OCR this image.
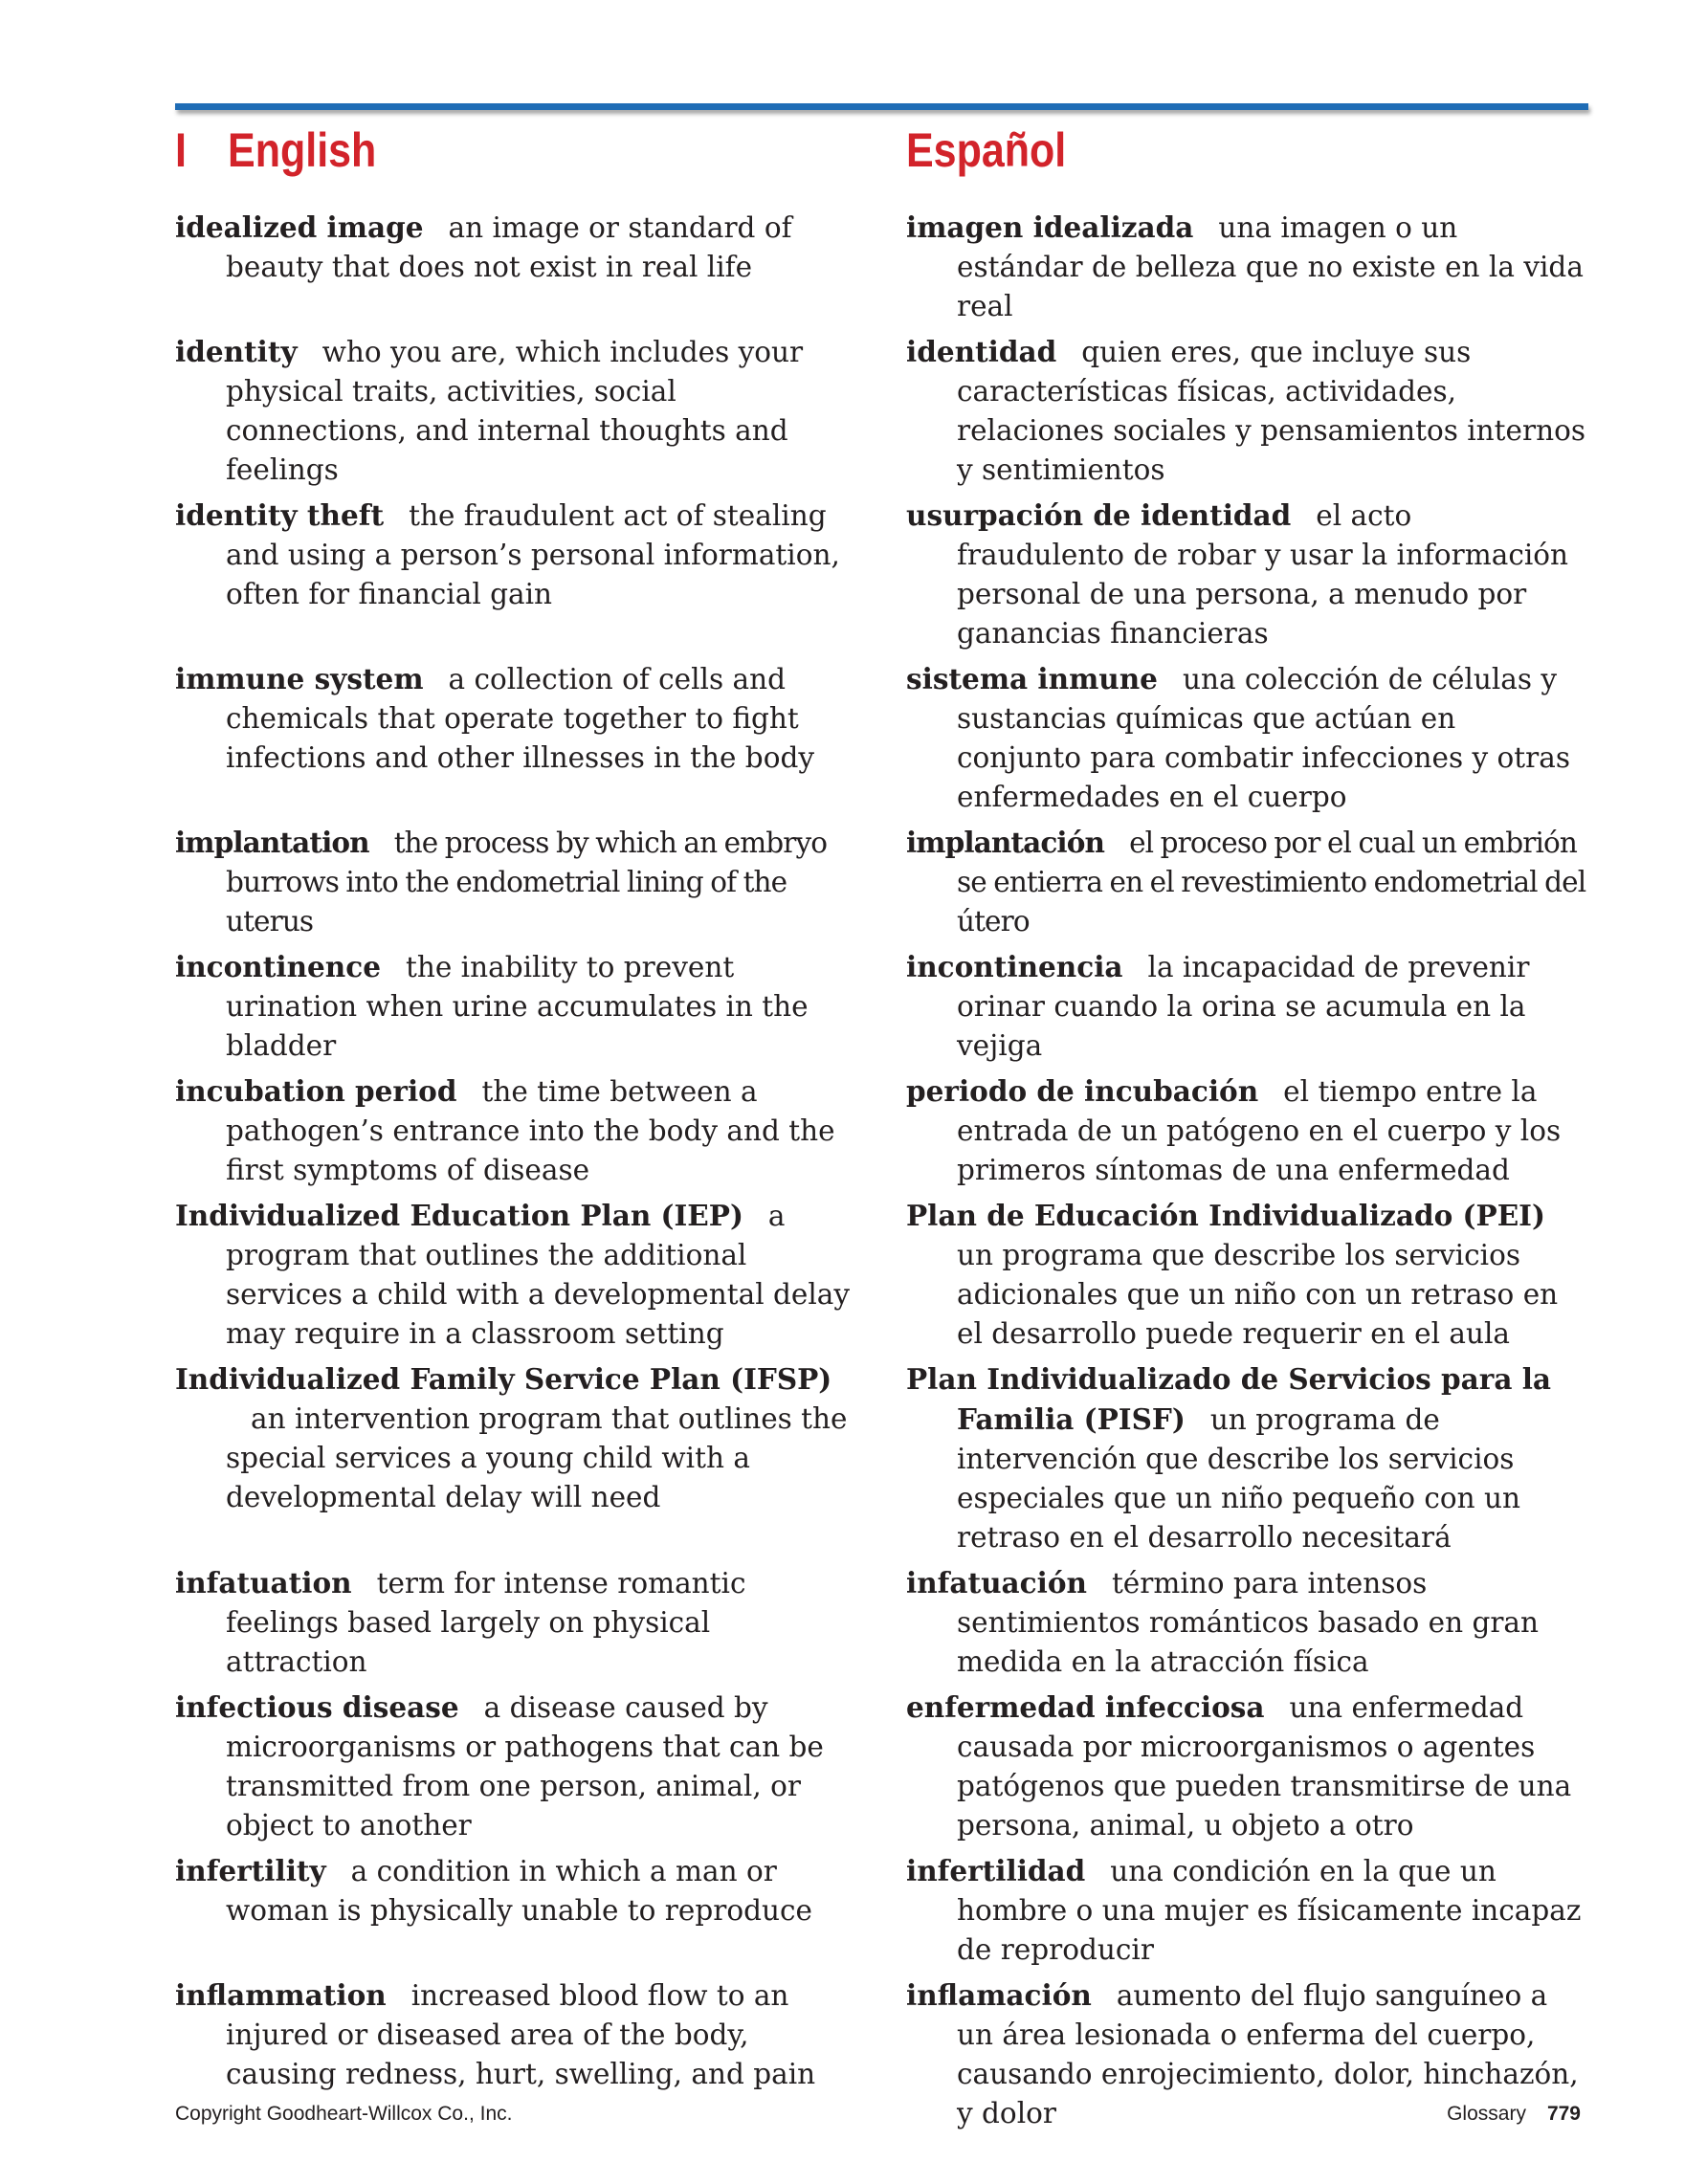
I English	Español

idealized image an image or standard of beauty that does not exist in real life

identity who you are, which includes your physical traits, activities, social connections, and internal thoughts and feelings

identity theft the fraudulent act of stealing and using a person’s personal information, often for financial gain

immune system a collection of cells and chemicals that operate together to fight infections and other illnesses in the body

implantation the process by which an embryo burrows into the endometrial lining of the uterus

incontinence the inability to prevent urination when urine accumulates in the bladder

incubation period the time between a pathogen’s entrance into the body and the first symptoms of disease

Individualized Education Plan (IEP) a program that outlines the additional services a child with a developmental delay may require in a classroom setting

Individualized Family Service Plan (IFSP)an intervention program that outlines the special services a young child with a developmental delay will need

infatuation term for intense romantic feelings based largely on physical attraction

infectious disease a disease caused by microorganisms or pathogens that can be transmitted from one person, animal, or object to another

infertility a condition in which a man or woman is physically unable to reproduce

inflammation increased blood flow to an injured or diseased area of the body, causing redness, hurt, swelling, and pain

imagen idealizada una imagen o un estándar de belleza que no existe en la vida real

identidad quien eres, que incluye sus características físicas, actividades, relaciones sociales y pensamientos internos y sentimientos

usurpación de identidad el acto fraudulento de robar y usar la información personal de una persona, a menudo por ganancias financieras

sistema inmune una colección de células y sustancias químicas que actúan en conjunto para combatir infecciones y otras enfermedades en el cuerpo

implantación el proceso por el cual un embrión se entierra en el revestimiento endometrial del útero

incontinencia la incapacidad de prevenir orinar cuando la orina se acumula en la vejiga

periodo de incubación el tiempo entre la entrada de un patógeno en el cuerpo y los primeros síntomas de una enfermedad

Plan de Educación Individualizado (PEI)un programa que describe los servicios adicionales que un niño con un retraso en el desarrollo puede requerir en el aula

Plan Individualizado de Servicios para la Familia (PISF) un programa de intervención que describe los servicios especiales que un niño pequeño con un retraso en el desarrollo necesitará

infatuación término para intensos sentimientos románticos basado en gran medida en la atracción física

enfermedad infecciosa una enfermedad causada por microorganismos o agentes patógenos que pueden transmitirse de una persona, animal, u objeto a otro

infertilidad una condición en la que un hombre o una mujer es físicamente incapaz de reproducir

inflamación aumento del flujo sanguíneo a un área lesionada o enferma del cuerpo, causando enrojecimiento, dolor, hinchazón, y dolor

Copyright Goodheart-Willcox Co., Inc.	Glossary 779
